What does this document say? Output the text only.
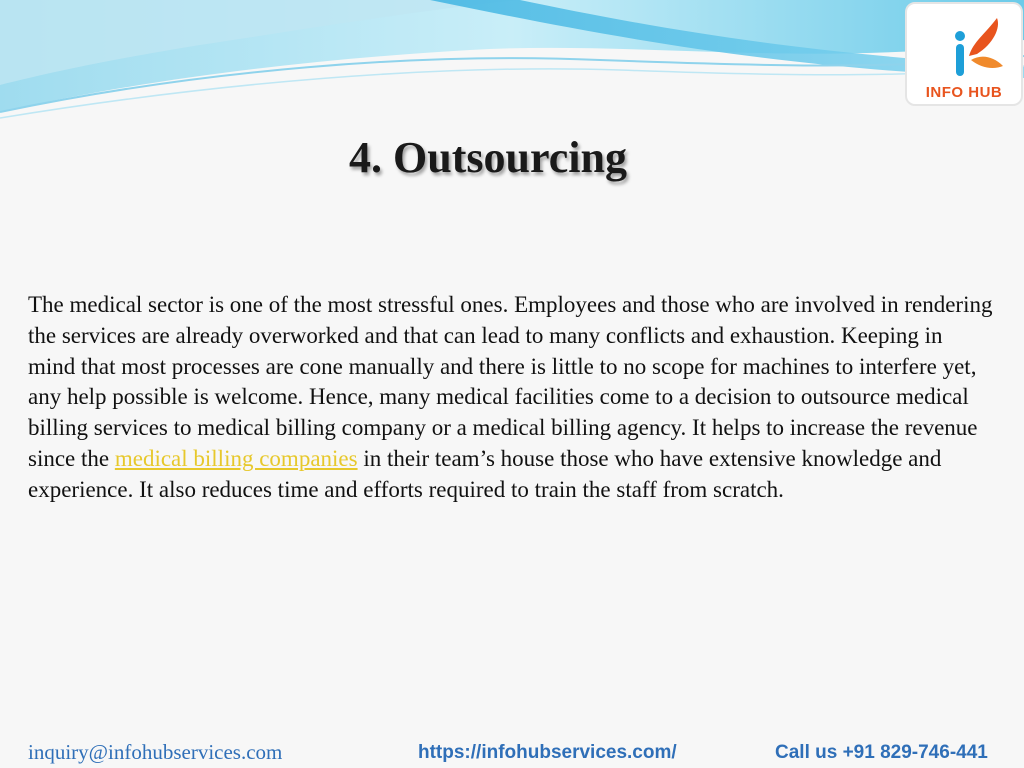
INFO HUB
4. Outsourcing

The medical sector is one of the most stressful ones. Employees and those who are involved in rendering the services are already overworked and that can lead to many conflicts and exhaustion. Keeping in mind that most processes are cone manually and there is little to no scope for machines to interfere yet, any help possible is welcome. Hence, many medical facilities come to a decision to outsource medical billing services to medical billing company or a medical billing agency. It helps to increase the revenue since the medical billing companies in their team’s house those who have extensive knowledge and experience. It also reduces time and efforts required to train the staff from scratch.

inquiry@infohubservices.com	https://infohubservices.com/	Call us +91 829-746-441
